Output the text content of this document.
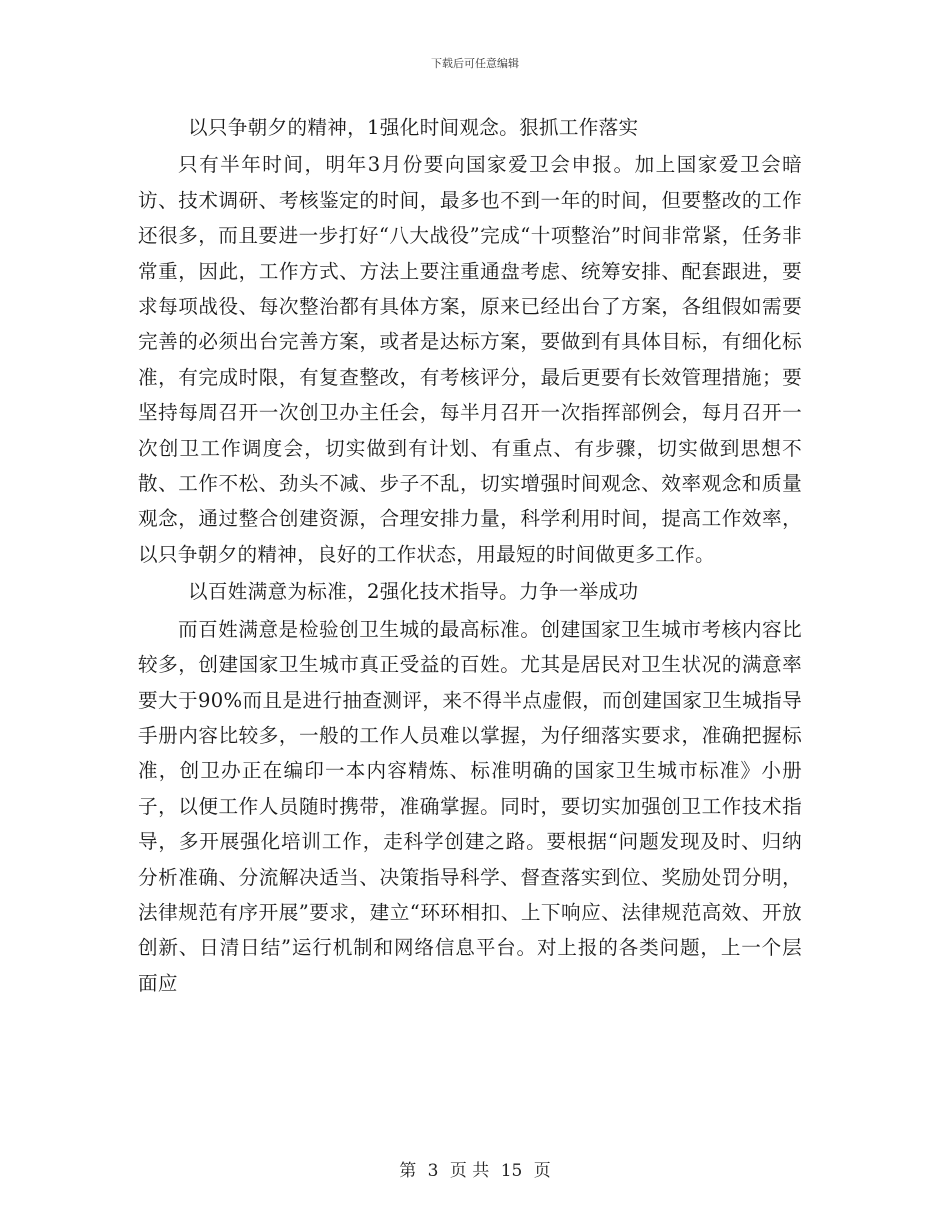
下载后可任意编辑

以只争朝夕的精神，1强化时间观念。狠抓工作落实

只有半年时间，明年3月份要向国家爱卫会申报。加上国家爱卫会暗访、技术调研、考核鉴定的时间，最多也不到一年的时间，但要整改的工作还很多，而且要进一步打好“八大战役”完成“十项整治”时间非常紧，任务非常重，因此，工作方式、方法上要注重通盘考虑、统筹安排、配套跟进，要求每项战役、每次整治都有具体方案，原来已经出台了方案，各组假如需要完善的必须出台完善方案，或者是达标方案，要做到有具体目标，有细化标准，有完成时限，有复查整改，有考核评分，最后更要有长效管理措施；要坚持每周召开一次创卫办主任会，每半月召开一次指挥部例会，每月召开一次创卫工作调度会，切实做到有计划、有重点、有步骤，切实做到思想不散、工作不松、劲头不减、步子不乱，切实增强时间观念、效率观念和质量观念，通过整合创建资源，合理安排力量，科学利用时间，提高工作效率，以只争朝夕的精神，良好的工作状态，用最短的时间做更多工作。

以百姓满意为标准，2强化技术指导。力争一举成功

而百姓满意是检验创卫生城的最高标准。创建国家卫生城市考核内容比较多，创建国家卫生城市真正受益的百姓。尤其是居民对卫生状况的满意率要大于90%而且是进行抽查测评，来不得半点虚假，而创建国家卫生城指导手册内容比较多，一般的工作人员难以掌握，为仔细落实要求，准确把握标准，创卫办正在编印一本内容精炼、标准明确的国家卫生城市标准》小册子，以便工作人员随时携带，准确掌握。同时，要切实加强创卫工作技术指导，多开展强化培训工作，走科学创建之路。要根据“问题发现及时、归纳分析准确、分流解决适当、决策指导科学、督查落实到位、奖励处罚分明，法律规范有序开展”要求，建立“环环相扣、上下响应、法律规范高效、开放创新、日清日结”运行机制和网络信息平台。对上报的各类问题，上一个层面应

第 3 页 共 15 页
